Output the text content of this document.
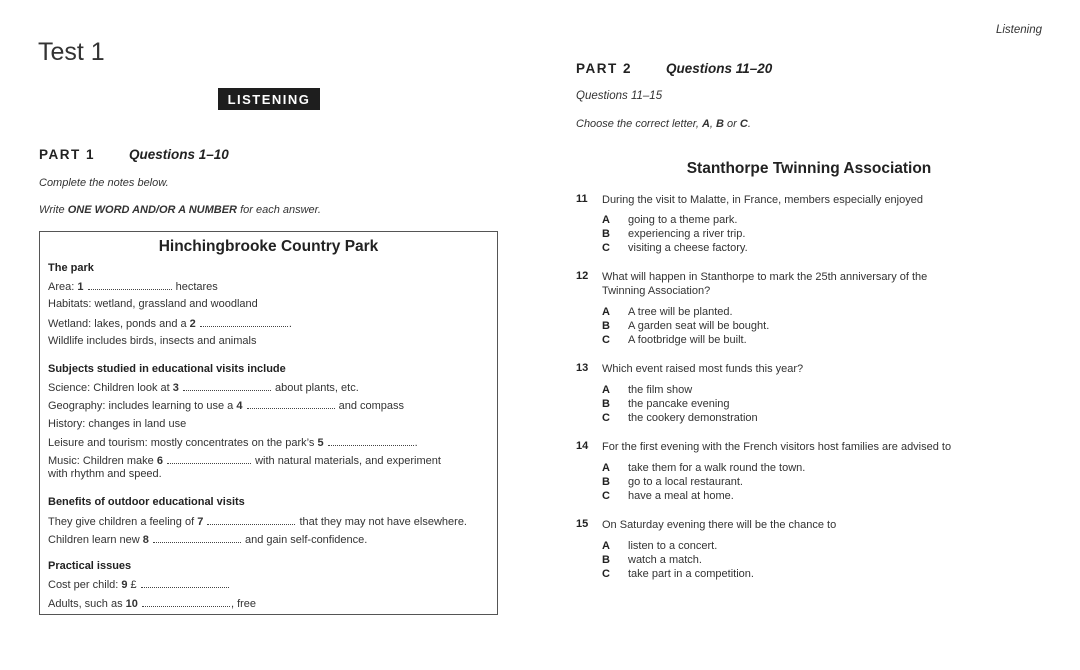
Listening
Test 1
LISTENING
PART 1	Questions 1–10
Complete the notes below.
Write ONE WORD AND/OR A NUMBER for each answer.
Hinchingbrooke Country Park
The park
Area: 1	hectares
Habitats: wetland, grassland and woodland
Wetland: lakes, ponds and a 2	.
Wildlife includes birds, insects and animals
Subjects studied in educational visits include
Science: Children look at 3	about plants, etc.
Geography: includes learning to use a 4	and compass
History: changes in land use
Leisure and tourism: mostly concentrates on the park’s 5	.
Music: Children make 6	with natural materials, and experiment
with rhythm and speed.
Benefits of outdoor educational visits
They give children a feeling of 7	that they may not have elsewhere.
Children learn new 8	and gain self-confidence.
Practical issues
Cost per child: 9 £
Adults, such as 10	, free
PART 2	Questions 11–20
Questions 11–15
Choose the correct letter, A, B or C.
Stanthorpe Twinning Association
11 During the visit to Malatte, in France, members especially enjoyed
A going to a theme park.
B experiencing a river trip.
C visiting a cheese factory.
12 What will happen in Stanthorpe to mark the 25th anniversary of the Twinning Association?
A A tree will be planted.
B A garden seat will be bought.
C A footbridge will be built.
13 Which event raised most funds this year?
A the film show
B the pancake evening
C the cookery demonstration
14 For the first evening with the French visitors host families are advised to
A take them for a walk round the town.
B go to a local restaurant.
C have a meal at home.
15 On Saturday evening there will be the chance to
A listen to a concert.
B watch a match.
C take part in a competition.
